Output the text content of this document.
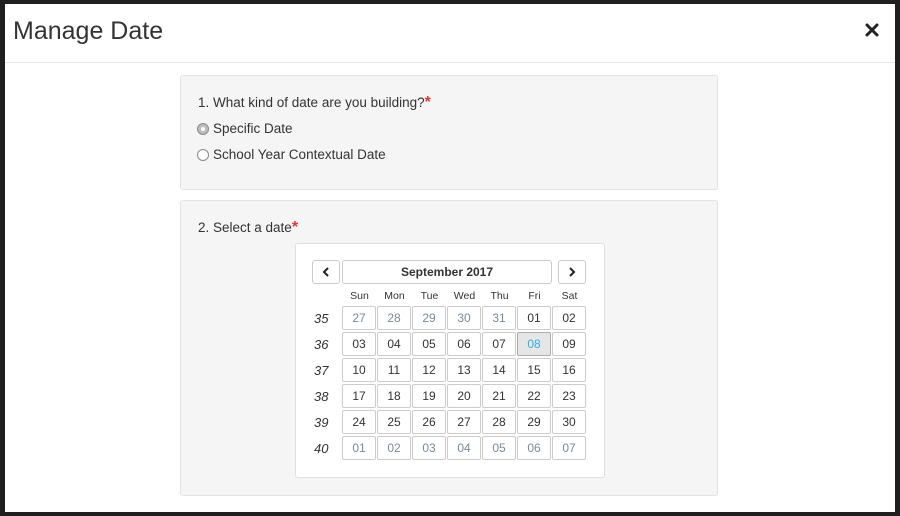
Manage Date
1. What kind of date are you building?*
Specific Date
School Year Contextual Date
2. Select a date*
September 2017
Sun	Mon	Tue	Wed	Thu	Fri	Sat
35	27	28	29	30	31	01	02
36	03	04	05	06	07	08	09
37	10	11	12	13	14	15	16
38	17	18	19	20	21	22	23
39	24	25	26	27	28	29	30
40	01	02	03	04	05	06	07
